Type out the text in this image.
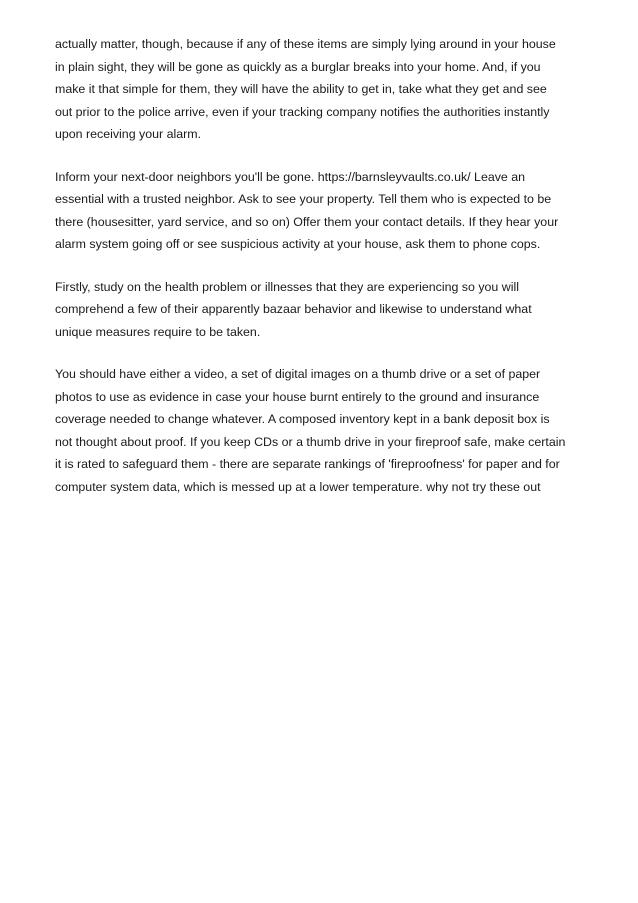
actually matter, though, because if any of these items are simply lying around in your house
in plain sight, they will be gone as quickly as a burglar breaks into your home. And, if you
make it that simple for them, they will have the ability to get in, take what they get and see
out prior to the police arrive, even if your tracking company notifies the authorities instantly
upon receiving your alarm.

Inform your next-door neighbors you'll be gone. https://barnsleyvaults.co.uk/ Leave an
essential with a trusted neighbor. Ask to see your property. Tell them who is expected to be
there (housesitter, yard service, and so on) Offer them your contact details. If they hear your
alarm system going off or see suspicious activity at your house, ask them to phone cops.

Firstly, study on the health problem or illnesses that they are experiencing so you will
comprehend a few of their apparently bazaar behavior and likewise to understand what
unique measures require to be taken.

You should have either a video, a set of digital images on a thumb drive or a set of paper
photos to use as evidence in case your house burnt entirely to the ground and insurance
coverage needed to change whatever. A composed inventory kept in a bank deposit box is
not thought about proof. If you keep CDs or a thumb drive in your fireproof safe, make certain
it is rated to safeguard them - there are separate rankings of 'fireproofness' for paper and for
computer system data, which is messed up at a lower temperature. why not try these out
